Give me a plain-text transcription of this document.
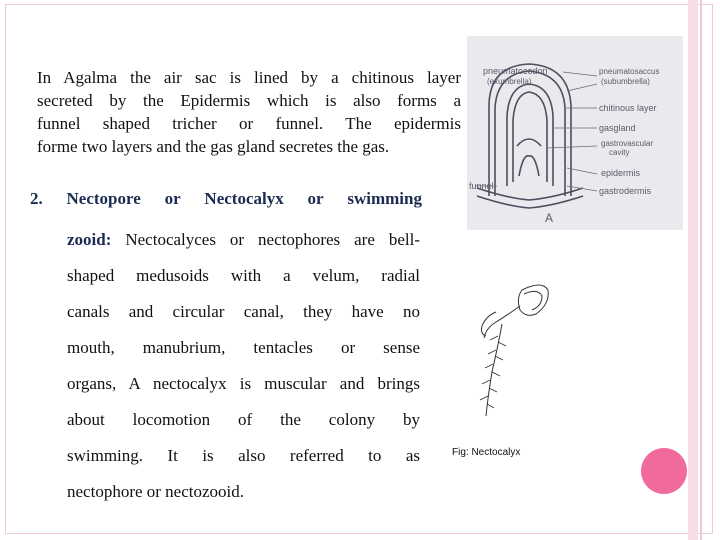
In Agalma the air sac is lined by a chitinous layer
secreted by the Epidermis which is also forms a
funnel shaped tricher or funnel. The epidermis
forme two layers and the gas gland secretes the gas.
2. Nectopore or Nectocalyx or swimming
zooid: Nectocalyces or nectophores are bell-
shaped medusoids with a velum, radial
canals and circular canal, they have no
mouth, manubrium, tentacles or sense
organs, A nectocalyx is muscular and brings
about locomotion of the colony by
swimming. It is also referred to as
nectophore or nectozooid.
pneumatocodon
(exumbrella)
pneumatosaccus
(subumbrella)
chitinous layer
gasgland
gastrovascular
cavity
epidermis
gastrodermis
funnel
A
Fig: Nectocalyx
